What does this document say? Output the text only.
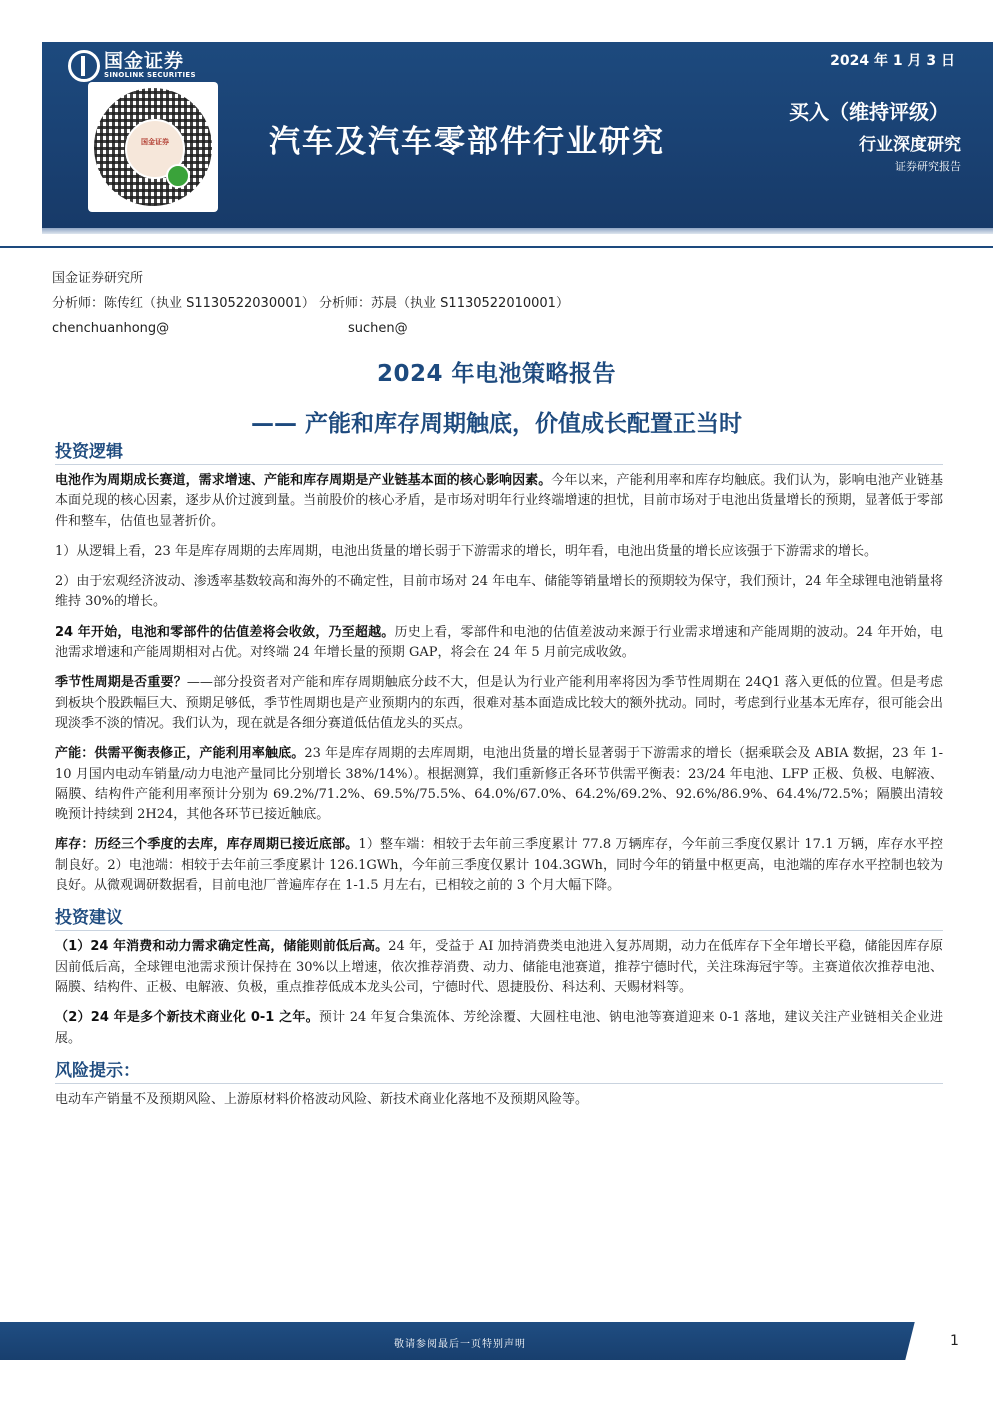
国金证券
SINOLINK SECURITIES
国金证券	汽车及汽车零部件行业研究
2024 年 1 月 3 日
买入（维持评级）
行业深度研究
证券研究报告
国金证券研究所
分析师：陈传红（执业 S1130522030001） 分析师：苏晨（执业 S1130522010001）
chenchuanhong@	suchen@
2024 年电池策略报告
—— 产能和库存周期触底，价值成长配置正当时
投资逻辑

电池作为周期成长赛道，需求增速、产能和库存周期是产业链基本面的核心影响因素。今年以来，产能利用率和库存均触底。我们认为，影响电池产业链基本面兑现的核心因素，逐步从价过渡到量。当前股价的核心矛盾，是市场对明年行业终端增速的担忧，目前市场对于电池出货量增长的预期，显著低于零部件和整车，估值也显著折价。

1）从逻辑上看，23 年是库存周期的去库周期，电池出货量的增长弱于下游需求的增长，明年看，电池出货量的增长应该强于下游需求的增长。

2）由于宏观经济波动、渗透率基数较高和海外的不确定性，目前市场对 24 年电车、储能等销量增长的预期较为保守，我们预计，24 年全球锂电池销量将维持 30%的增长。

24 年开始，电池和零部件的估值差将会收敛，乃至超越。历史上看，零部件和电池的估值差波动来源于行业需求增速和产能周期的波动。24 年开始，电池需求增速和产能周期相对占优。对终端 24 年增长量的预期 GAP，将会在 24 年 5 月前完成收敛。

季节性周期是否重要？——部分投资者对产能和库存周期触底分歧不大，但是认为行业产能利用率将因为季节性周期在 24Q1 落入更低的位置。但是考虑到板块个股跌幅巨大、预期足够低，季节性周期也是产业预期内的东西，很难对基本面造成比较大的额外扰动。同时，考虑到行业基本无库存，很可能会出现淡季不淡的情况。我们认为，现在就是各细分赛道低估值龙头的买点。

产能：供需平衡表修正，产能利用率触底。23 年是库存周期的去库周期，电池出货量的增长显著弱于下游需求的增长（据乘联会及 ABIA 数据，23 年 1-10 月国内电动车销量/动力电池产量同比分别增长 38%/14%）。根据测算，我们重新修正各环节供需平衡表：23/24 年电池、LFP 正极、负极、电解液、隔膜、结构件产能利用率预计分别为 69.2%/71.2%、69.5%/75.5%、64.0%/67.0%、64.2%/69.2%、92.6%/86.9%、64.4%/72.5%；隔膜出清较晚预计持续到 2H24，其他各环节已接近触底。

库存：历经三个季度的去库，库存周期已接近底部。1）整车端：相较于去年前三季度累计 77.8 万辆库存，今年前三季度仅累计 17.1 万辆，库存水平控制良好。2）电池端：相较于去年前三季度累计 126.1GWh，今年前三季度仅累计 104.3GWh，同时今年的销量中枢更高，电池端的库存水平控制也较为良好。从微观调研数据看，目前电池厂普遍库存在 1-1.5 月左右，已相较之前的 3 个月大幅下降。

投资建议

（1）24 年消费和动力需求确定性高，储能则前低后高。24 年，受益于 AI 加持消费类电池进入复苏周期，动力在低库存下全年增长平稳，储能因库存原因前低后高，全球锂电池需求预计保持在 30%以上增速，依次推荐消费、动力、储能电池赛道，推荐宁德时代，关注珠海冠宇等。主赛道依次推荐电池、隔膜、结构件、正极、电解液、负极，重点推荐低成本龙头公司，宁德时代、恩捷股份、科达利、天赐材料等。

（2）24 年是多个新技术商业化 0-1 之年。预计 24 年复合集流体、芳纶涂覆、大圆柱电池、钠电池等赛道迎来 0-1 落地，建议关注产业链相关企业进展。

风险提示：

电动车产销量不及预期风险、上游原材料价格波动风险、新技术商业化落地不及预期风险等。

敬请参阅最后一页特别声明	1
